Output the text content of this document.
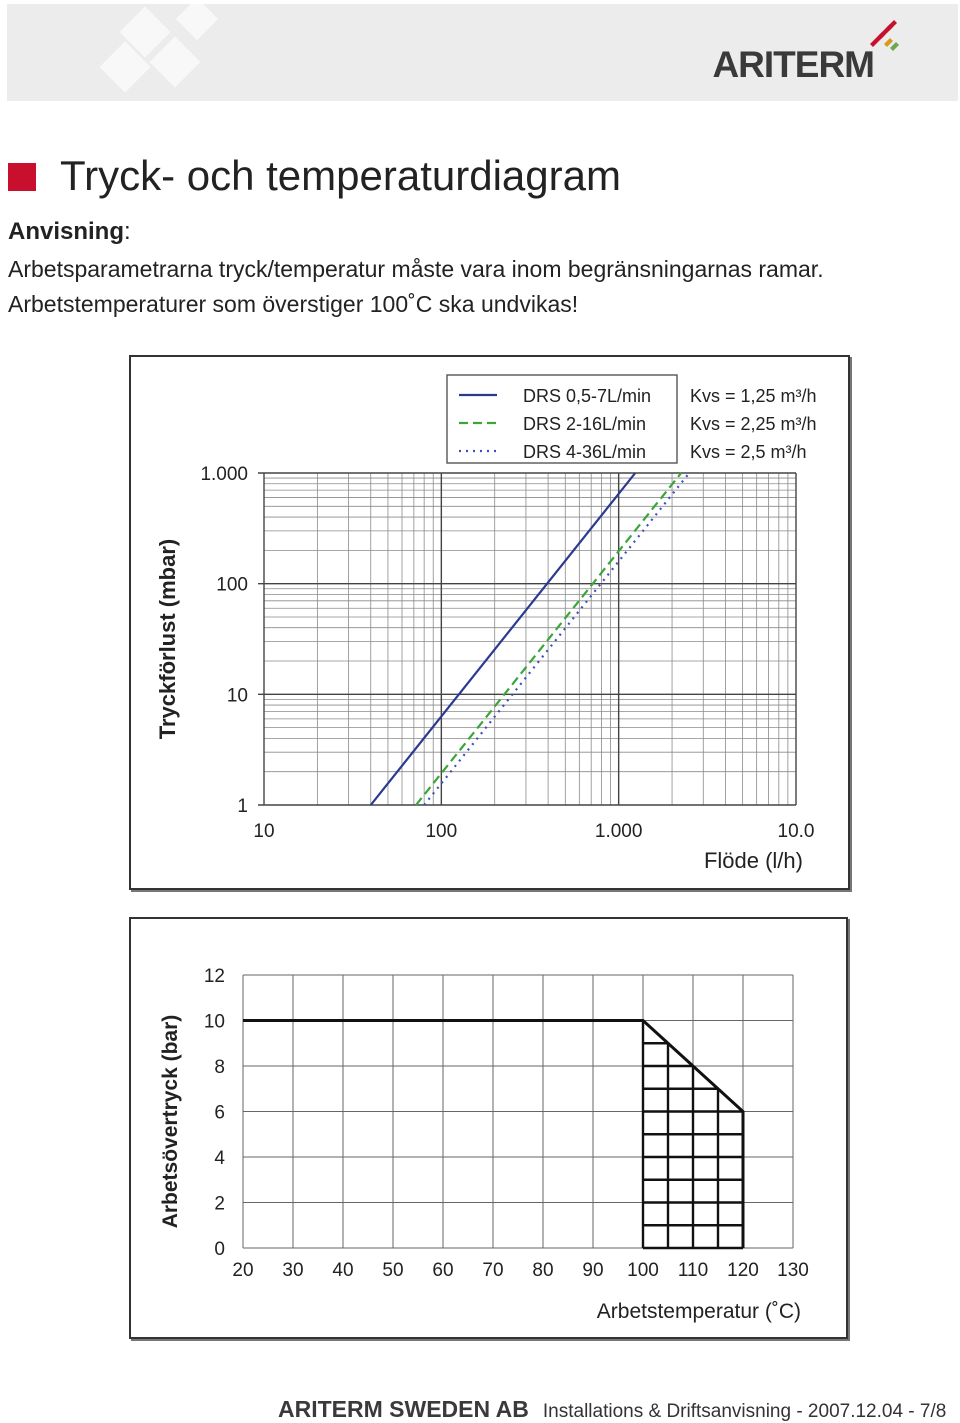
ARITERM
Tryck- och temperaturdiagram
Anvisning:
Arbetsparametrarna tryck/temperatur måste vara inom begränsningarnas ramar.
Arbetstemperaturer som överstiger 100˚C ska undvikas!
1
10
100
1.000
10	100	1.000	10.0
Tryckförlust (mbar)
Flöde (l/h)
DRS 0,5-7L/min Kvs = 1,25 m³/h
DRS 2-16L/min Kvs = 2,25 m³/h
DRS 4-36L/min Kvs = 2,5 m³/h
0
2
4
6
8
10
12
20 30 40 50 60 70 80 90 100 110 120 130
Arbetsövertryck (bar)
Arbetstemperatur (˚C)
ARITERM SWEDEN AB Installations & Driftsanvisning - 2007.12.04 - 7/8
